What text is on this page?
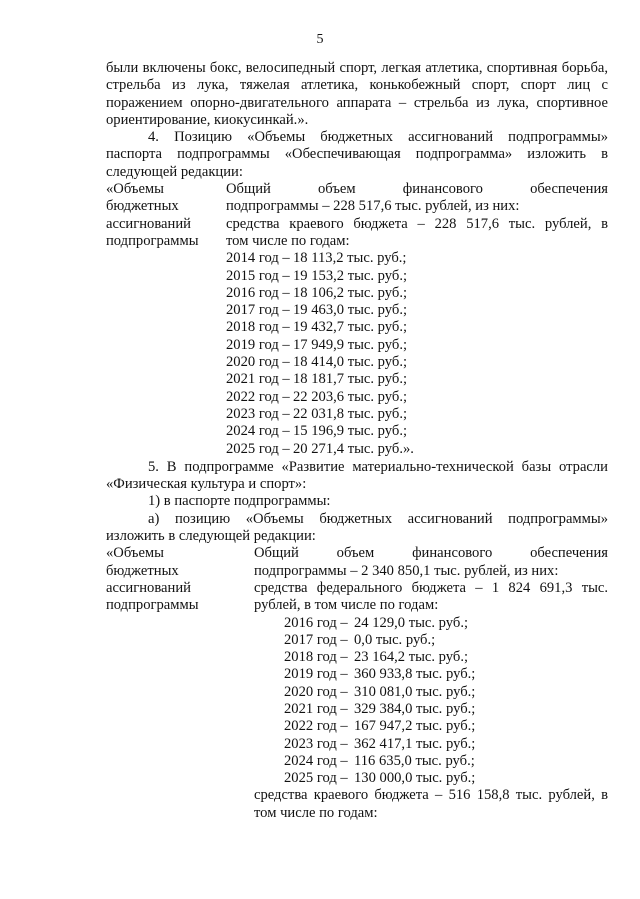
5

были включены бокс, велосипедный спорт, легкая атлетика, спортивная борьба, стрельба из лука, тяжелая атлетика, конькобежный спорт, спорт лиц с поражением опорно-двигательного аппарата – стрельба из лука, спортивное ориентирование, киокусинкай.».

4. Позицию «Объемы бюджетных ассигнований подпрограммы» паспорта подпрограммы «Обеспечивающая подпрограмма» изложить в следующей редакции:

«Объемы
бюджетных
ассигнований
подпрограммы
Общий объем финансового обеспечения
подпрограммы – 228 517,6 тыс. рублей, из них:
средства краевого бюджета – 228 517,6 тыс. рублей, в
том числе по годам:
2014 год – 18 113,2 тыс. руб.;
2015 год – 19 153,2 тыс. руб.;
2016 год – 18 106,2 тыс. руб.;
2017 год – 19 463,0 тыс. руб.;
2018 год – 19 432,7 тыс. руб.;
2019 год – 17 949,9 тыс. руб.;
2020 год – 18 414,0 тыс. руб.;
2021 год – 18 181,7 тыс. руб.;
2022 год – 22 203,6 тыс. руб.;
2023 год – 22 031,8 тыс. руб.;
2024 год – 15 196,9 тыс. руб.;
2025 год – 20 271,4 тыс. руб.».

5. В подпрограмме «Развитие материально-технической базы отрасли «Физическая культура и спорт»:

1) в паспорте подпрограммы:

а) позицию «Объемы бюджетных ассигнований подпрограммы» изложить в следующей редакции:

«Объемы
бюджетных
ассигнований
подпрограммы
Общий объем финансового обеспечения
подпрограммы – 2 340 850,1 тыс. рублей, из них:
средства федерального бюджета – 1 824 691,3 тыс.
рублей, в том числе по годам:
2016 год – 24 129,0 тыс. руб.;
2017 год – 0,0 тыс. руб.;
2018 год – 23 164,2 тыс. руб.;
2019 год – 360 933,8 тыс. руб.;
2020 год – 310 081,0 тыс. руб.;
2021 год – 329 384,0 тыс. руб.;
2022 год – 167 947,2 тыс. руб.;
2023 год – 362 417,1 тыс. руб.;
2024 год – 116 635,0 тыс. руб.;
2025 год – 130 000,0 тыс. руб.;
средства краевого бюджета – 516 158,8 тыс. рублей, в
том числе по годам:
